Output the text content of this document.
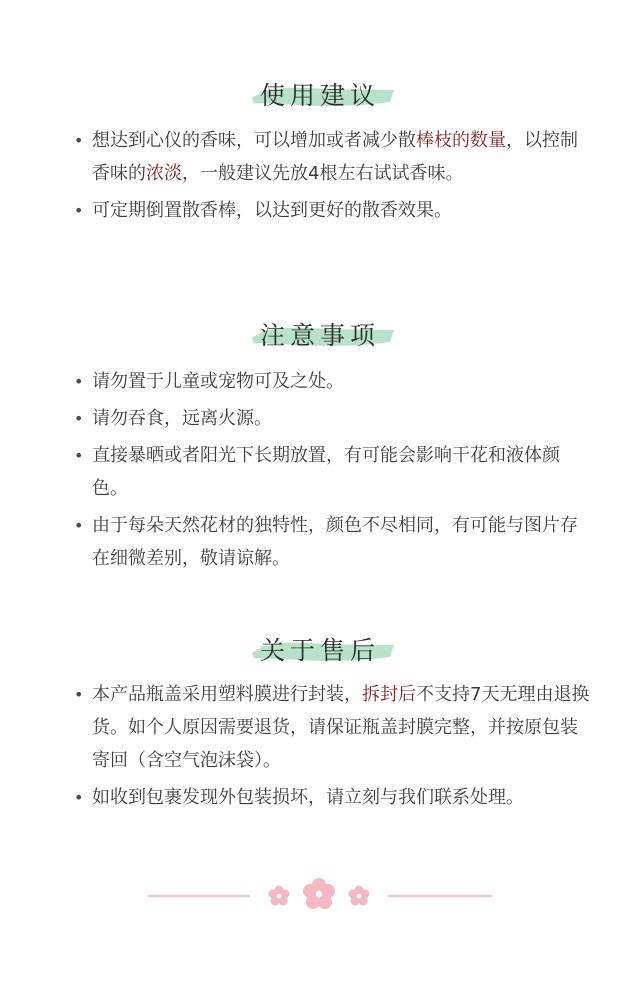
使用建议
• 想达到心仪的香味，可以增加或者减少散棒枝的数量，以控制香味的浓淡，一般建议先放4根左右试试香味。
• 可定期倒置散香棒，以达到更好的散香效果。
注意事项
• 请勿置于儿童或宠物可及之处。
• 请勿吞食，远离火源。
• 直接暴晒或者阳光下长期放置，有可能会影响干花和液体颜色。
• 由于每朵天然花材的独特性，颜色不尽相同，有可能与图片存在细微差别，敬请谅解。
关于售后
• 本产品瓶盖采用塑料膜进行封装，拆封后不支持7天无理由退换货。如个人原因需要退货，请保证瓶盖封膜完整，并按原包装寄回（含空气泡沫袋）。
• 如收到包裹发现外包装损坏，请立刻与我们联系处理。
